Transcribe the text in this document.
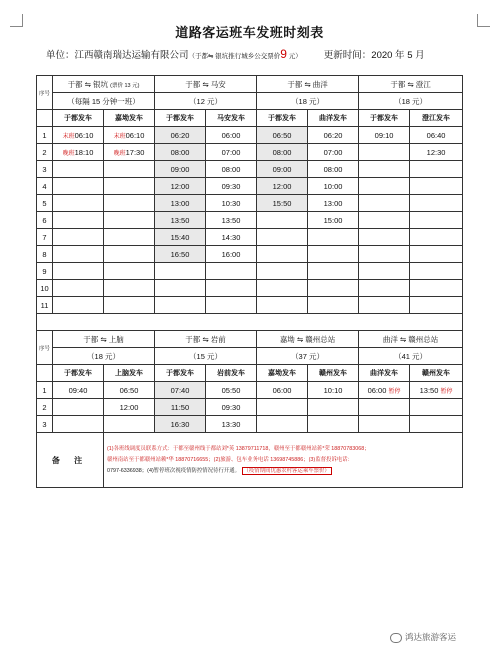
道路客运班车发班时刻表
单位：江西赣南瑞达运输有限公司（于都⇋ 银坑推行城乡公交票价9 元） 更新时间：2020 年 5 月
序号	于都 ⇋ 银坑 (票价 13 元)		于都 ⇋ 马安		于都 ⇋ 曲洋		于都 ⇋ 澄江	
	（每隔 15 分钟一班）		（12 元）		（18 元）		（18 元）	
	于都发车	嘉坳发车	于都发车	马安发车	于都发车	曲洋发车	于都发车	澄江发车
1	末班06:10	末班06:10	06:20	06:00	06:50	06:20	09:10	06:40
2	晚班18:10	晚班17:30	08:00	07:00	08:00	07:00		12:30
3			09:00	08:00	09:00	08:00		
4			12:00	09:30	12:00	10:00		
5			13:00	10:30	15:50	13:00		
6			13:50	13:50		15:00		
7			15:40	14:30				
8			16:50	16:00				
9								
10								
11								

序号	于都 ⇋ 上脑		于都 ⇋ 岩前		嘉坳 ⇋ 赣州总站		曲洋 ⇋ 赣州总站	
	（18 元）		（15 元）		（37 元）		（41 元）	
	于都发车	上脑发车	于都发车	岩前发车	嘉坳发车	赣州发车	曲洋发车	赣州发车
1	09:40	06:50	07:40	05:50	06:00	10:10	06:00 暂停	13:50 暂停
2		12:00	11:50	09:30				
3			16:30	13:30				
备 注		(1)各班线调度员联系方式：于都至赣州线于都站刘*英 13879711718，赣州至于都赣州站蒋*荣 18870783068；
赣州南站至于都赣州站赖*华 18870716655；(2)旅游、包车业务电话 13698745886；(3)监督投诉电话：
0797-6336938；(4)暂停班次视疫情防控情况待行开通。 （疫情期间优惠农村客运乘车票价）						
鸿达旅游客运
